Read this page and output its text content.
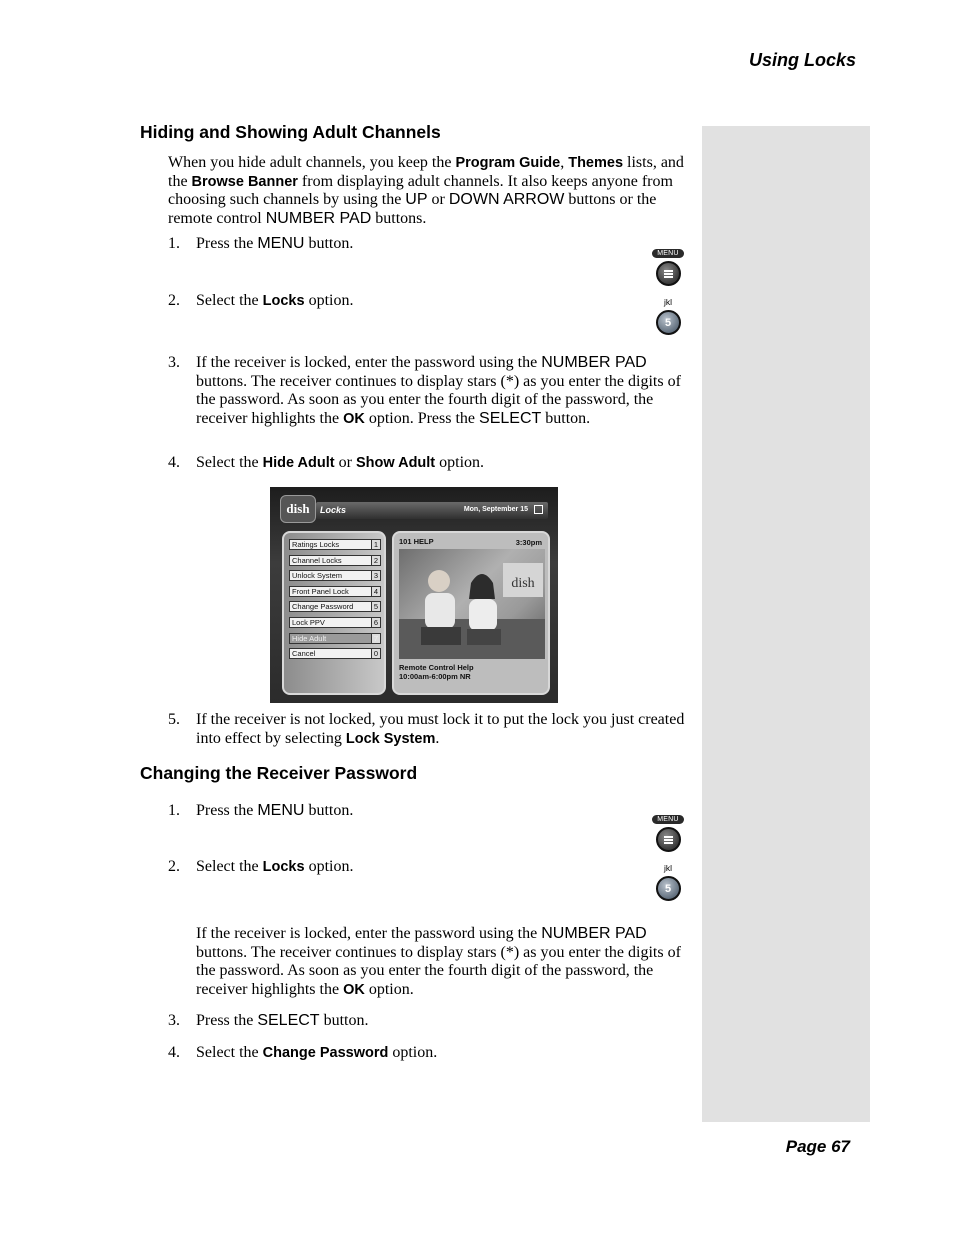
Using Locks
Hiding and Showing Adult Channels

When you hide adult channels, you keep the Program Guide, Themes lists, and the Browse Banner from displaying adult channels. It also keeps anyone from choosing such channels by using the UP or DOWN ARROW buttons or the remote control NUMBER PAD buttons.

1. Press the MENU button.
2. Select the Locks option.
3. If the receiver is locked, enter the password using the NUMBER PAD buttons. The receiver continues to display stars (*) as you enter the digits of the password. As soon as you enter the fourth digit of the password, the receiver highlights the OK option. Press the SELECT button.
4. Select the Hide Adult or Show Adult option.
MENU
jkl
5
dish	Locks	Mon, September 15
Ratings Locks	1
Channel Locks	2
Unlock System	3
Front Panel Lock	4
Change Password	5
Lock PPV	6
Hide Adult	7
Cancel	0
101 HELP	3:30pm
dish
Remote Control Help
10:00am-6:00pm NR
5. If the receiver is not locked, you must lock it to put the lock you just created into effect by selecting Lock System.
Changing the Receiver Password
1. Press the MENU button.
2. Select the Locks option.
MENU
jkl
5

If the receiver is locked, enter the password using the NUMBER PAD buttons. The receiver continues to display stars (*) as you enter the digits of the password. As soon as you enter the fourth digit of the password, the receiver highlights the OK option.

3. Press the SELECT button.
4. Select the Change Password option.
Page 67
